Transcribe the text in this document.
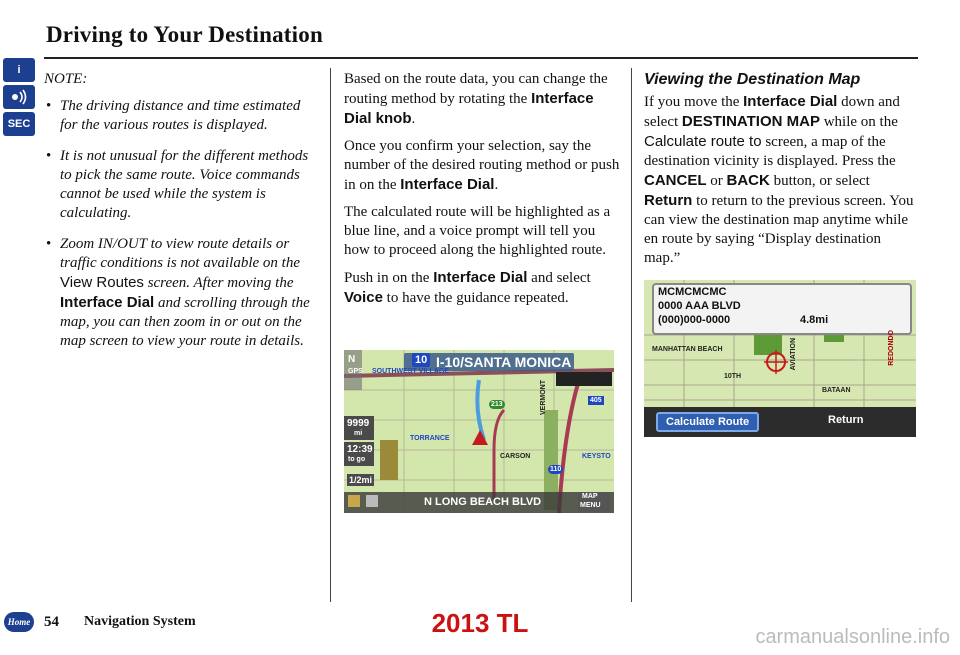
Driving to Your Destination
i
SEC

NOTE:

• The driving distance and time estimated for the various routes is displayed.
• It is not unusual for the different methods to pick the same route. Voice commands cannot be used while the system is calculating.
• Zoom IN/OUT to view route details or traffic conditions is not available on the View Routes screen. After moving the Interface Dial and scrolling through the map, you can then zoom in or out on the map screen to view your route in details.

Based on the route data, you can change the routing method by rotating the Interface Dial knob.

Once you confirm your selection, say the number of the desired routing method or push in on the Interface Dial.

The calculated route will be highlighted as a blue line, and a voice prompt will tell you how to proceed along the highlighted route.

Push in on the Interface Dial and select Voice to have the guidance repeated.

10 I-10/SANTA MONICA
SOUTHWEST VILLAGE
N
GPS
213
405
VERMONT
TORRANCE
CARSON	KEYSTO
110
9999
mi
12:39
to go
1/2mi
N LONG BEACH BLVD	MAP
MENU
Viewing the Destination Map

If you move the Interface Dial down and select DESTINATION MAP while on the Calculate route to screen, a map of the destination vicinity is displayed. Press the CANCEL or BACK button, or select Return to return to the previous screen. You can view the destination map anytime while en route by saying “Display destination map.”

MCMCMCMC
0000 AAA BLVD
(000)000-0000	4.8mi
MANHATTAN BEACH
10TH
BATAAN
AVIATION	REDONDO
Calculate Route	Return
Home 54 Navigation System	2013 TL	carmanualsonline.info
